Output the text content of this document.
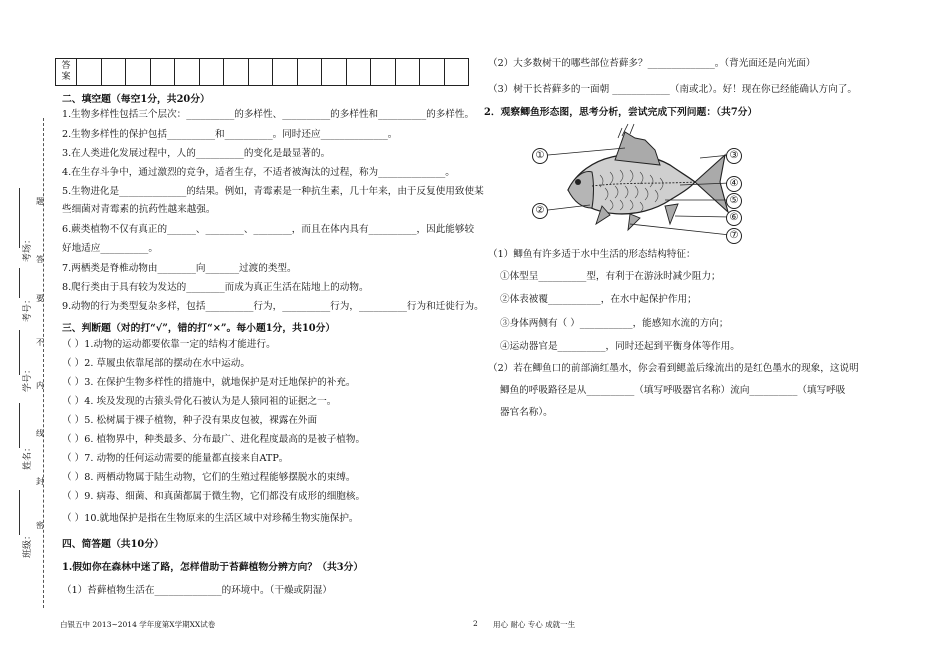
答
案																
考场：
考号：
学号：
姓名：
班级：
题
答
要
不
内
线
封
密
二、填空题（每空1分，共20分）
1.生物多样性包括三个层次：__________的多样性、__________的多样性和__________的多样性。
2.生物多样性的保护包括__________和__________。同时还应______________。
3.在人类进化发展过程中，人的__________的变化是最显著的。
4.在生存斗争中，通过激烈的竞争，适者生存，不适者被淘汰的过程，称为______________。
5.生物进化是______________的结果。例如，青霉素是一种抗生素，几十年来，由于反复使用致使某
些细菌对青霉素的抗药性越来越强。
6.蕨类植物不仅有真正的______、________、________，而且在体内具有__________，因此能够较
好地适应__________。
7.两栖类是脊椎动物由________向_______过渡的类型。
8.爬行类由于具有较为发达的________而成为真正生活在陆地上的动物。
9.动物的行为类型复杂多样，包括__________行为，__________行为，__________行为和迁徙行为。
三、判断题（对的打“√”，错的打“×”。每小题1分，共10分）
（ ）1.动物的运动都要依靠一定的结构才能进行。
（ ）2. 草履虫依靠尾部的摆动在水中运动。
（ ）3. 在保护生物多样性的措施中，就地保护是对迁地保护的补充。
（ ）4. 埃及发现的古猿头骨化石被认为是人猿同祖的证据之一。
（ ）5. 松树属于裸子植物，种子没有果皮包被，裸露在外面
（ ）6. 植物界中，种类最多、分布最广、进化程度最高的是被子植物。
（ ）7. 动物的任何运动需要的能量都直接来自ATP。
（ ）8. 两栖动物属于陆生动物，它们的生殖过程能够摆脱水的束缚。
（ ）9. 病毒、细菌、和真菌都属于微生物，它们都没有成形的细胞核。
（ ）10.就地保护是指在生物原来的生活区域中对珍稀生物实施保护。
四、简答题（共10分）
1.假如你在森林中迷了路，怎样借助于苔藓植物分辨方向？（共3分）
（1）苔藓植物生活在______________的环境中。（干燥或阴湿）
（2）大多数树干的哪些部位苔藓多？______________。（背光面还是向光面）
（3）树干长苔藓多的一面朝 ____________（南或北）。好！现在你已经能确认方向了。
2．观察鲫鱼形态图，思考分析，尝试完成下列问题：（共7分）
①
②
③
④
⑤
⑥
⑦
（1）鲫鱼有许多适于水中生活的形态结构特征：
①体型呈__________型，有利于在游泳时减少阻力；
②体表被覆___________，在水中起保护作用；
③身体两侧有（ ）___________，能感知水流的方向；
④运动器官是__________，同时还起到平衡身体等作用。
（2）若在鲫鱼口的前部滴红墨水，你会看到鳃盖后缘流出的是红色墨水的现象，这说明
鲫鱼的呼吸路径是从__________（填写呼吸器官名称）流向__________（填写呼吸
器官名称）。
白银五中 2013~2014 学年度第X学期XX试卷	2 用心 耐心 专心 成就一生
